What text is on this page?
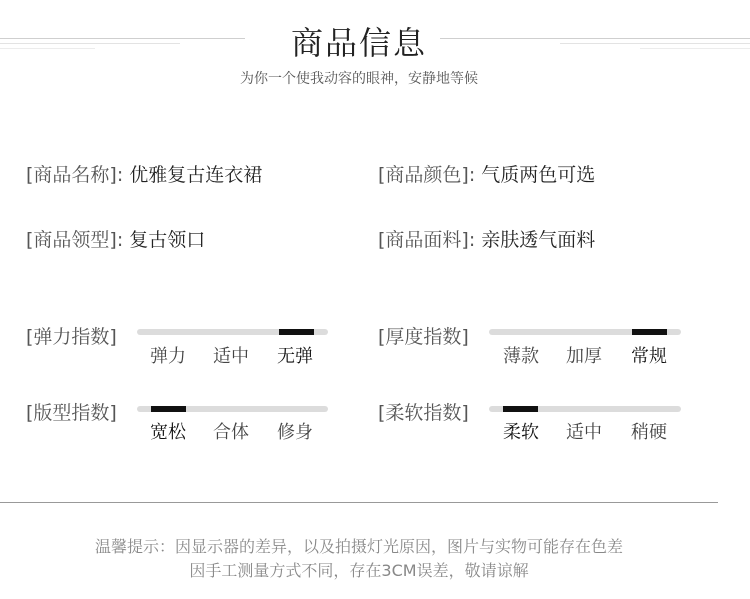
商品信息
为你一个使我动容的眼神，安静地等候
[商品名称]: 优雅复古连衣裙	[商品颜色]: 气质两色可选
[商品领型]: 复古领口	[商品面料]: 亲肤透气面料
[弹力指数]
弹力 适中 无弹
[厚度指数]
薄款 加厚 常规
[版型指数]
宽松 合体 修身
[柔软指数]
柔软 适中 稍硬
温馨提示：因显示器的差异，以及拍摄灯光原因，图片与实物可能存在色差
因手工测量方式不同，存在3CM误差，敬请谅解
